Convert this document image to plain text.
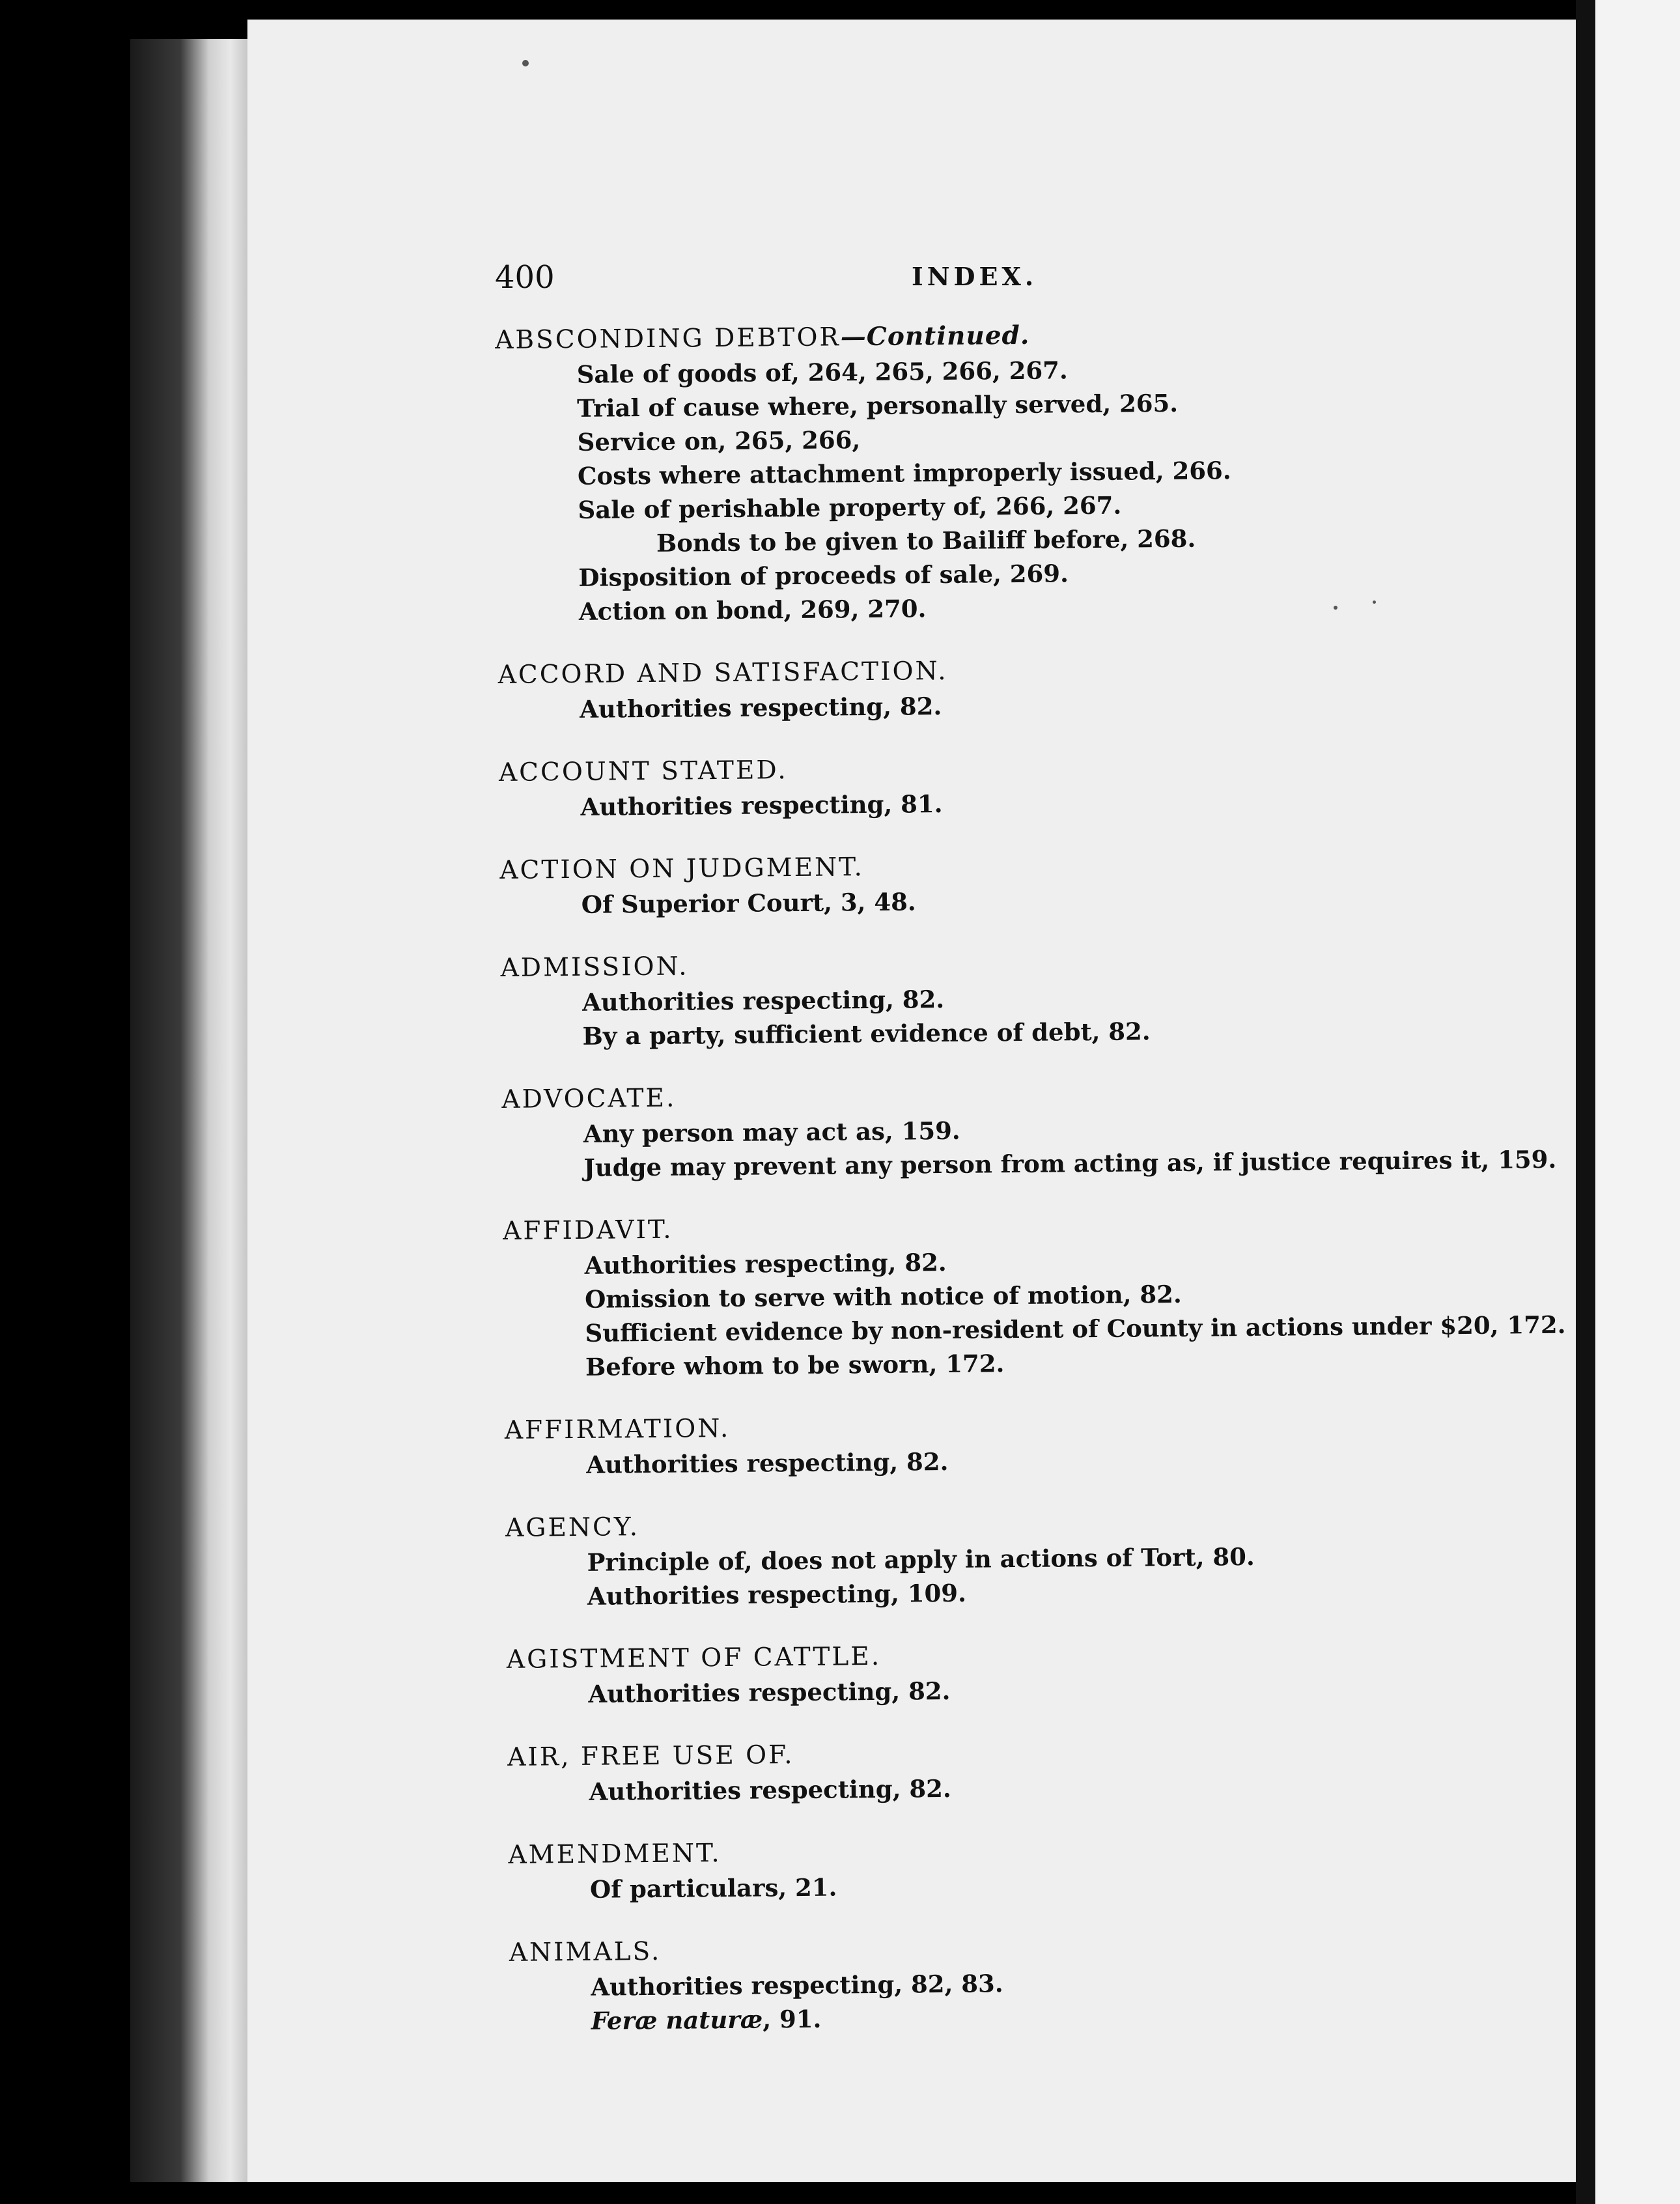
400	INDEX.
ABSCONDING DEBTOR—Continued.
Sale of goods of, 264, 265, 266, 267.
Trial of cause where, personally served, 265.
Service on, 265, 266,
Costs where attachment improperly issued, 266.
Sale of perishable property of, 266, 267.
Bonds to be given to Bailiff before, 268.
Disposition of proceeds of sale, 269.
Action on bond, 269, 270.
ACCORD AND SATISFACTION.
Authorities respecting, 82.
ACCOUNT STATED.
Authorities respecting, 81.
ACTION ON JUDGMENT.
Of Superior Court, 3, 48.
ADMISSION.
Authorities respecting, 82.
By a party, sufficient evidence of debt, 82.
ADVOCATE.
Any person may act as, 159.
Judge may prevent any person from acting as, if justice requires it, 159.
AFFIDAVIT.
Authorities respecting, 82.
Omission to serve with notice of motion, 82.
Sufficient evidence by non-resident of County in actions under $20, 172.
Before whom to be sworn, 172.
AFFIRMATION.
Authorities respecting, 82.
AGENCY.
Principle of, does not apply in actions of Tort, 80.
Authorities respecting, 109.
AGISTMENT OF CATTLE.
Authorities respecting, 82.
AIR, FREE USE OF.
Authorities respecting, 82.
AMENDMENT.
Of particulars, 21.
ANIMALS.
Authorities respecting, 82, 83.
Feræ naturæ, 91.
